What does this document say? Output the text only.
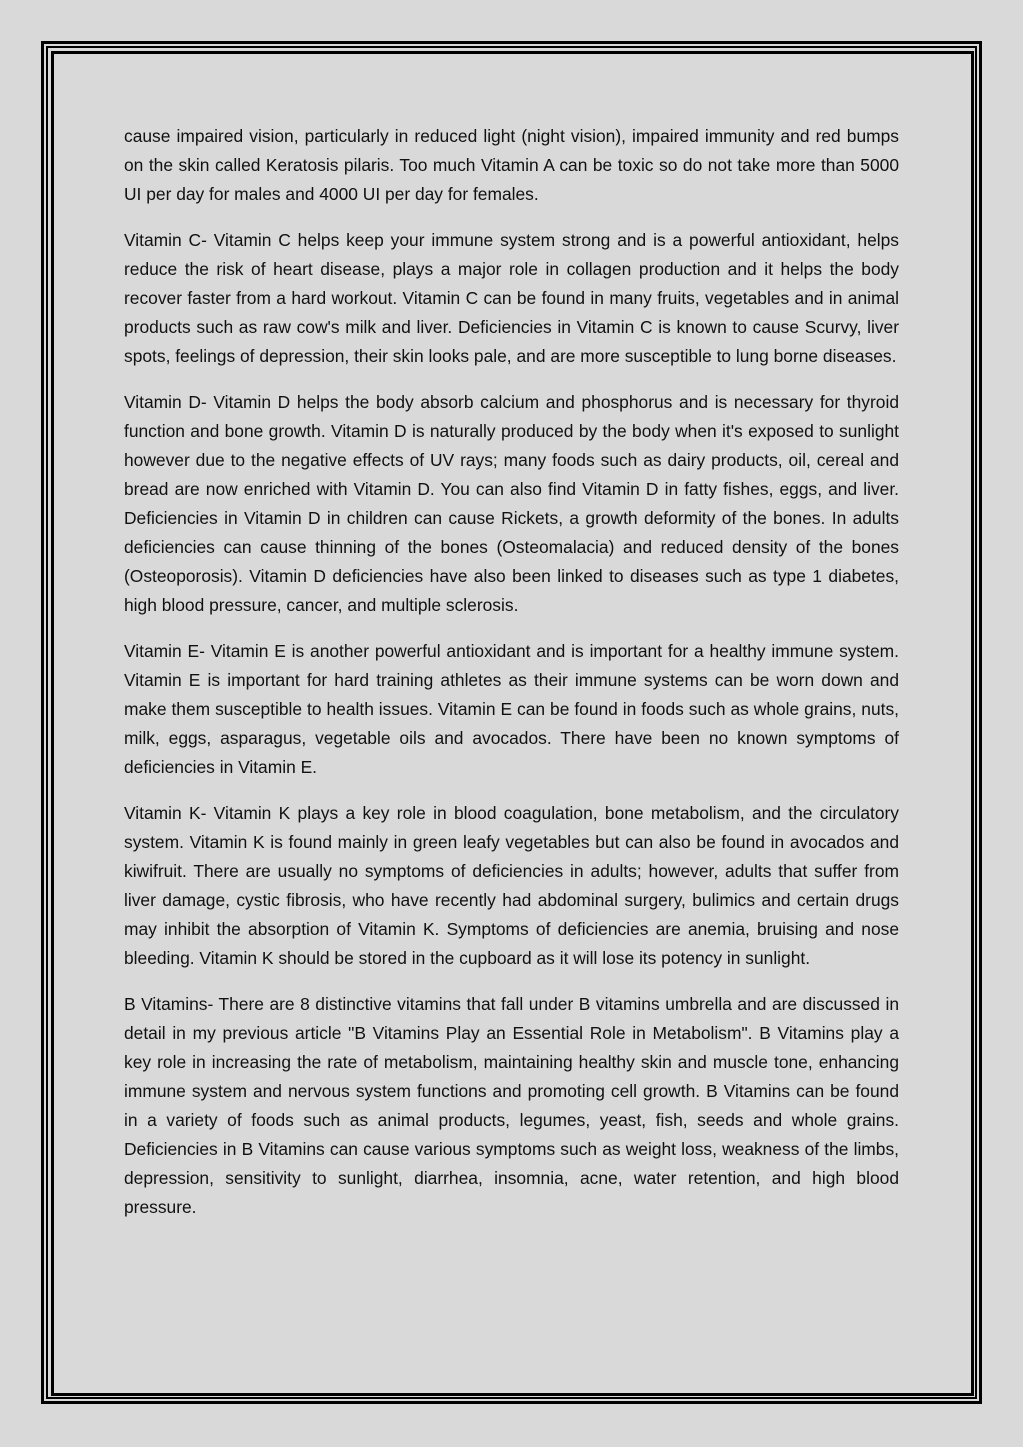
cause impaired vision, particularly in reduced light (night vision), impaired immunity and red bumps on the skin called Keratosis pilaris. Too much Vitamin A can be toxic so do not take more than 5000 UI per day for males and 4000 UI per day for females.

Vitamin C- Vitamin C helps keep your immune system strong and is a powerful antioxidant, helps reduce the risk of heart disease, plays a major role in collagen production and it helps the body recover faster from a hard workout. Vitamin C can be found in many fruits, vegetables and in animal products such as raw cow's milk and liver. Deficiencies in Vitamin C is known to cause Scurvy, liver spots, feelings of depression, their skin looks pale, and are more susceptible to lung borne diseases.

Vitamin D- Vitamin D helps the body absorb calcium and phosphorus and is necessary for thyroid function and bone growth. Vitamin D is naturally produced by the body when it's exposed to sunlight however due to the negative effects of UV rays; many foods such as dairy products, oil, cereal and bread are now enriched with Vitamin D. You can also find Vitamin D in fatty fishes, eggs, and liver. Deficiencies in Vitamin D in children can cause Rickets, a growth deformity of the bones. In adults deficiencies can cause thinning of the bones (Osteomalacia) and reduced density of the bones (Osteoporosis). Vitamin D deficiencies have also been linked to diseases such as type 1 diabetes, high blood pressure, cancer, and multiple sclerosis.

Vitamin E- Vitamin E is another powerful antioxidant and is important for a healthy immune system. Vitamin E is important for hard training athletes as their immune systems can be worn down and make them susceptible to health issues. Vitamin E can be found in foods such as whole grains, nuts, milk, eggs, asparagus, vegetable oils and avocados. There have been no known symptoms of deficiencies in Vitamin E.

Vitamin K- Vitamin K plays a key role in blood coagulation, bone metabolism, and the circulatory system. Vitamin K is found mainly in green leafy vegetables but can also be found in avocados and kiwifruit. There are usually no symptoms of deficiencies in adults; however, adults that suffer from liver damage, cystic fibrosis, who have recently had abdominal surgery, bulimics and certain drugs may inhibit the absorption of Vitamin K. Symptoms of deficiencies are anemia, bruising and nose bleeding. Vitamin K should be stored in the cupboard as it will lose its potency in sunlight.

B Vitamins- There are 8 distinctive vitamins that fall under B vitamins umbrella and are discussed in detail in my previous article "B Vitamins Play an Essential Role in Metabolism". B Vitamins play a key role in increasing the rate of metabolism, maintaining healthy skin and muscle tone, enhancing immune system and nervous system functions and promoting cell growth. B Vitamins can be found in a variety of foods such as animal products, legumes, yeast, fish, seeds and whole grains. Deficiencies in B Vitamins can cause various symptoms such as weight loss, weakness of the limbs, depression, sensitivity to sunlight, diarrhea, insomnia, acne, water retention, and high blood pressure.
